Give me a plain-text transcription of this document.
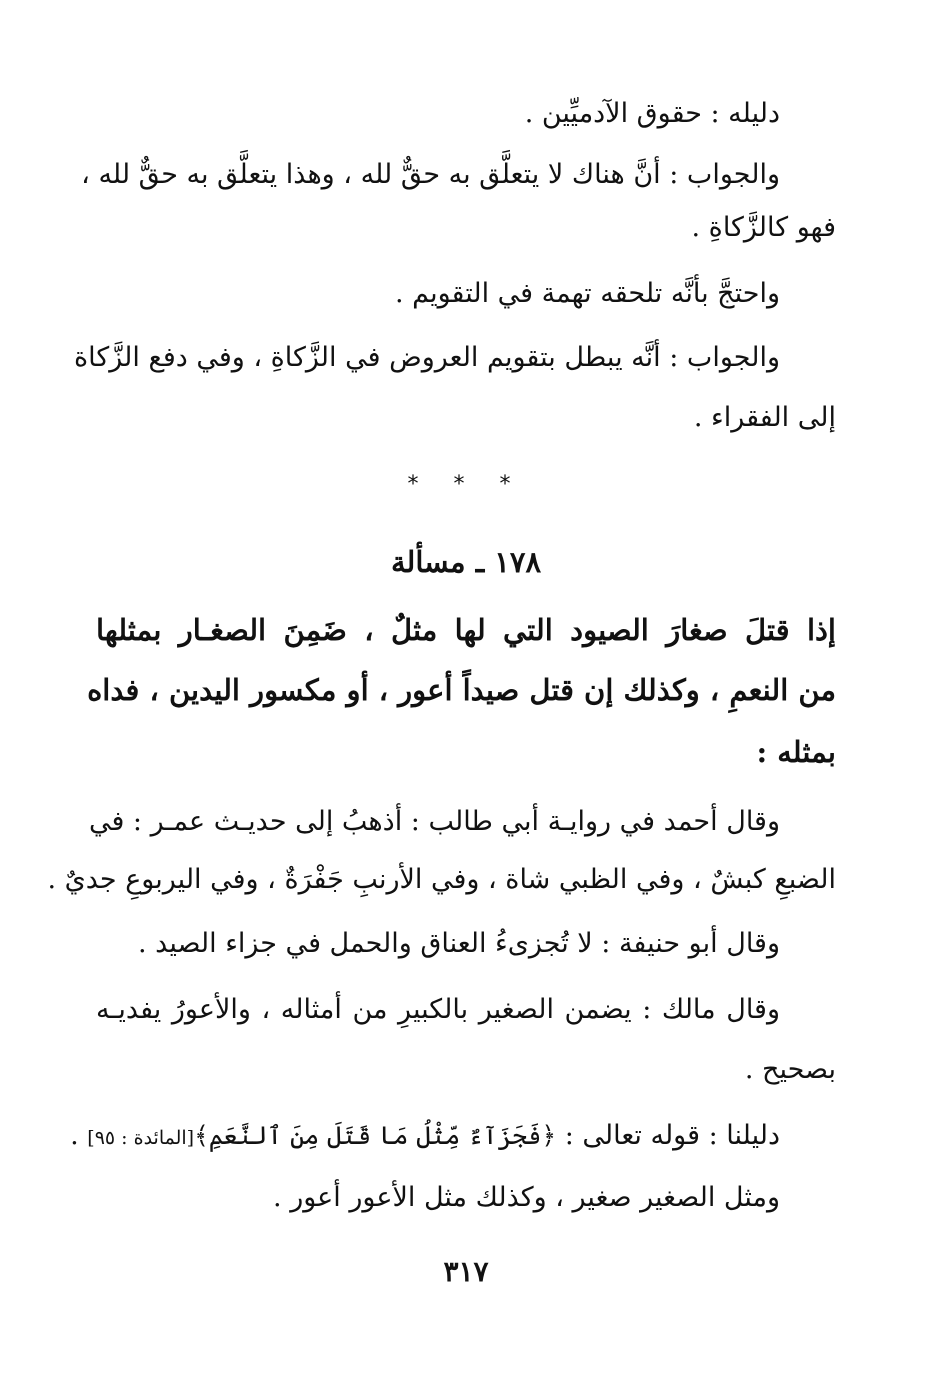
دليله : حقوق الآدميِّين .
والجواب : أنَّ هناك لا يتعلَّق به حقٌّ لله ، وهذا يتعلَّق به حقٌّ لله ،
فهو كالزَّكاةِ .
واحتجَّ بأنَّه تلحقه تهمة في التقويم .
والجواب : أنَّه يبطل بتقويم العروض في الزَّكاةِ ، وفي دفع الزَّكاة
إلى الفقراء .
* * *
١٧٨ ـ مسألة
إذا قتلَ صغارَ الصيود التي لها مثلٌ ، ضَمِنَ الصغـار بمثلها
من النعمِ ، وكذلك إن قتل صيداً أعور ، أو مكسور اليدين ، فداه
بمثله :
وقال أحمد في روايـة أبي طالب : أذهبُ إلى حديـث عمـر : في
الضبعِ كبشٌ ، وفي الظبي شاة ، وفي الأرنبِ جَفْرَةٌ ، وفي اليربوعِ جديٌ .
وقال أبو حنيفة : لا تُجزىءُ العناق والحمل في جزاء الصيد .
وقال مالك : يضمن الصغير بالكبيرِ من أمثاله ، والأعورُ يفديـه
بصحيح .
دليلنا : قوله تعالى : ﴿فَجَزَآءٌ مِّثْلُ مَا قَتَلَ مِنَ ٱلنَّعَمِ﴾[المائدة : ٩٥] .
ومثل الصغير صغير ، وكذلك مثل الأعور أعور .
٣١٧
